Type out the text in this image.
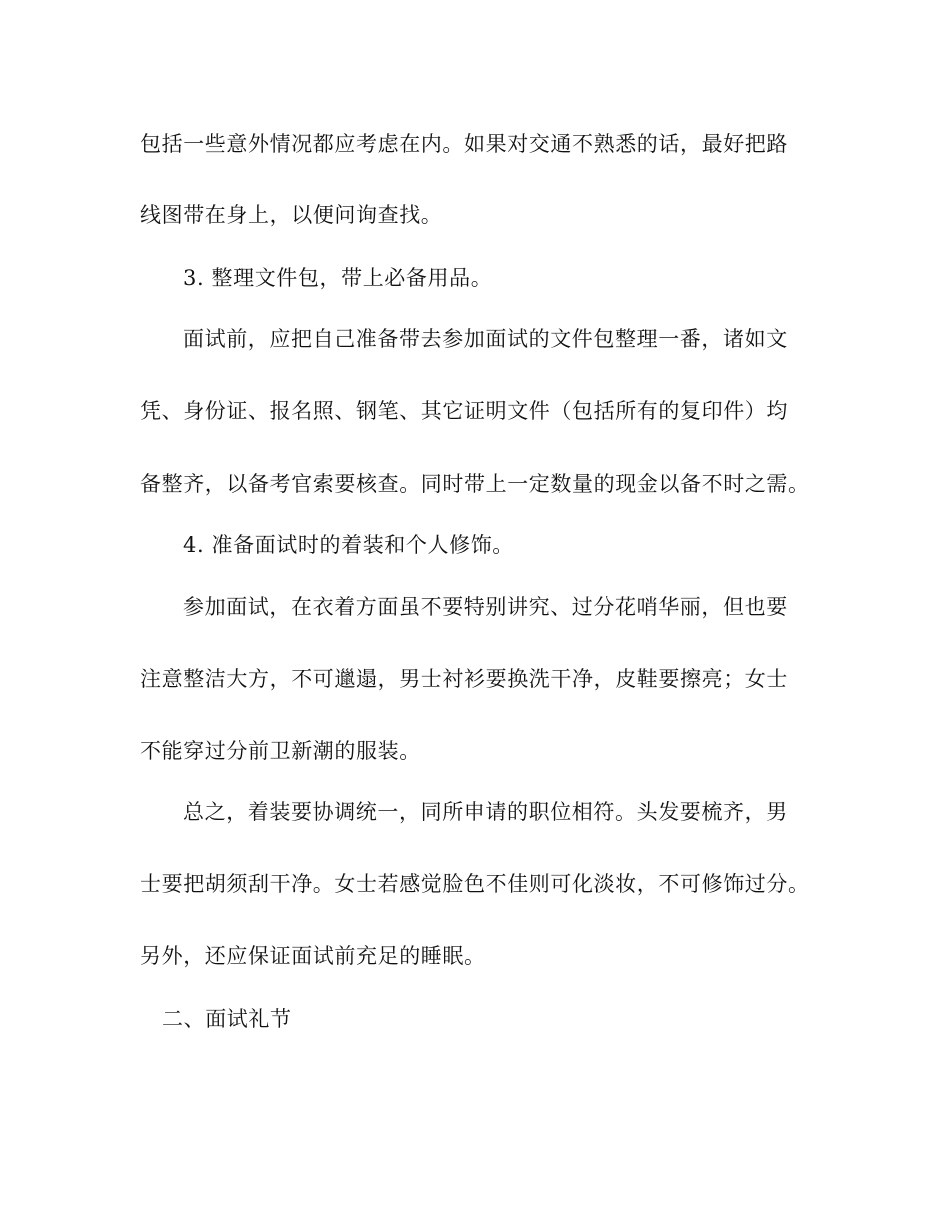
包括一些意外情况都应考虑在内。如果对交通不熟悉的话，最好把路
线图带在身上，以便问询查找。
3. 整理文件包，带上必备用品。
面试前，应把自己准备带去参加面试的文件包整理一番，诸如文
凭、身份证、报名照、钢笔、其它证明文件（包括所有的复印件）均
备整齐，以备考官索要核查。同时带上一定数量的现金以备不时之需。
4. 准备面试时的着装和个人修饰。
参加面试，在衣着方面虽不要特别讲究、过分花哨华丽，但也要
注意整洁大方，不可邋遢，男士衬衫要换洗干净，皮鞋要擦亮；女士
不能穿过分前卫新潮的服装。
总之，着装要协调统一，同所申请的职位相符。头发要梳齐，男
士要把胡须刮干净。女士若感觉脸色不佳则可化淡妆，不可修饰过分。
另外，还应保证面试前充足的睡眠。
二、面试礼节
